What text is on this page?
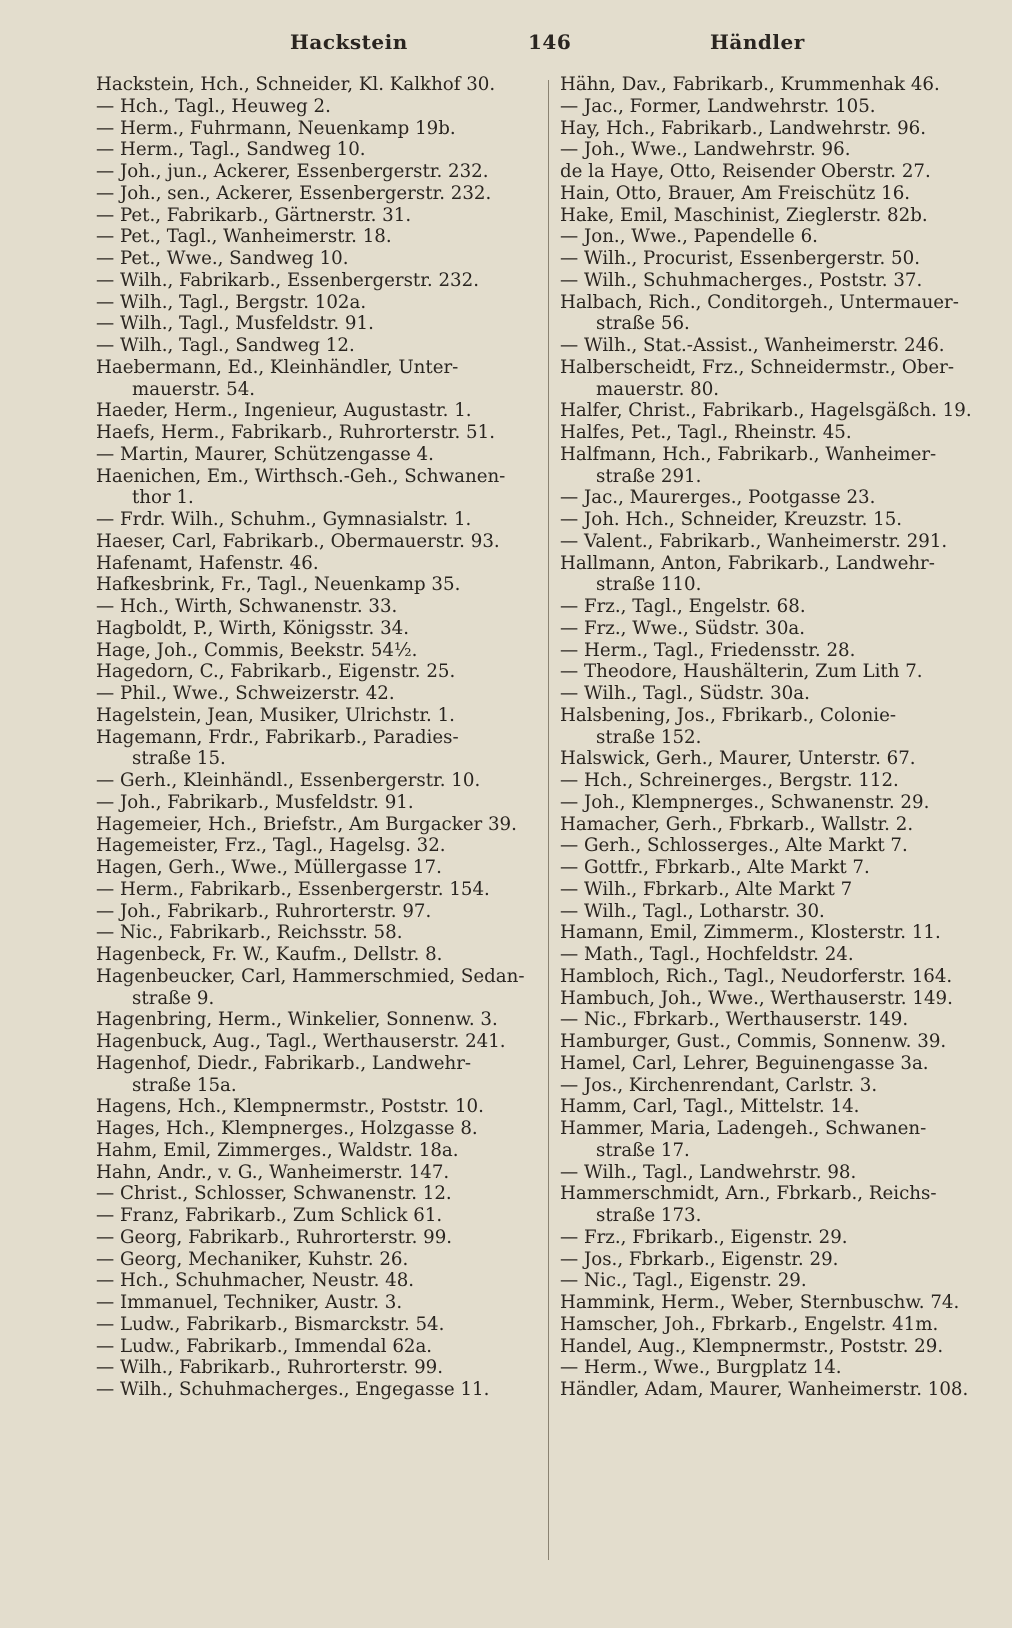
Hackstein	146	Händler
Hackstein, Hch., Schneider, Kl. Kalkhof 30.
— Hch., Tagl., Heuweg 2.
— Herm., Fuhrmann, Neuenkamp 19b.
— Herm., Tagl., Sandweg 10.
— Joh., jun., Ackerer, Essenbergerstr. 232.
— Joh., sen., Ackerer, Essenbergerstr. 232.
— Pet., Fabrikarb., Gärtnerstr. 31.
— Pet., Tagl., Wanheimerstr. 18.
— Pet., Wwe., Sandweg 10.
— Wilh., Fabrikarb., Essenbergerstr. 232.
— Wilh., Tagl., Bergstr. 102a.
— Wilh., Tagl., Musfeldstr. 91.
— Wilh., Tagl., Sandweg 12.
Haebermann, Ed., Kleinhändler, Unter-
mauerstr. 54.
Haeder, Herm., Ingenieur, Augustastr. 1.
Haefs, Herm., Fabrikarb., Ruhrorterstr. 51.
— Martin, Maurer, Schützengasse 4.
Haenichen, Em., Wirthsch.-Geh., Schwanen-
thor 1.
— Frdr. Wilh., Schuhm., Gymnasialstr. 1.
Haeser, Carl, Fabrikarb., Obermauerstr. 93.
Hafenamt, Hafenstr. 46.
Hafkesbrink, Fr., Tagl., Neuenkamp 35.
— Hch., Wirth, Schwanenstr. 33.
Hagboldt, P., Wirth, Königsstr. 34.
Hage, Joh., Commis, Beekstr. 54½.
Hagedorn, C., Fabrikarb., Eigenstr. 25.
— Phil., Wwe., Schweizerstr. 42.
Hagelstein, Jean, Musiker, Ulrichstr. 1.
Hagemann, Frdr., Fabrikarb., Paradies-
straße 15.
— Gerh., Kleinhändl., Essenbergerstr. 10.
— Joh., Fabrikarb., Musfeldstr. 91.
Hagemeier, Hch., Briefstr., Am Burgacker 39.
Hagemeister, Frz., Tagl., Hagelsg. 32.
Hagen, Gerh., Wwe., Müllergasse 17.
— Herm., Fabrikarb., Essenbergerstr. 154.
— Joh., Fabrikarb., Ruhrorterstr. 97.
— Nic., Fabrikarb., Reichsstr. 58.
Hagenbeck, Fr. W., Kaufm., Dellstr. 8.
Hagenbeucker, Carl, Hammerschmied, Sedan-
straße 9.
Hagenbring, Herm., Winkelier, Sonnenw. 3.
Hagenbuck, Aug., Tagl., Werthauserstr. 241.
Hagenhof, Diedr., Fabrikarb., Landwehr-
straße 15a.
Hagens, Hch., Klempnermstr., Poststr. 10.
Hages, Hch., Klempnerges., Holzgasse 8.
Hahm, Emil, Zimmerges., Waldstr. 18a.
Hahn, Andr., v. G., Wanheimerstr. 147.
— Christ., Schlosser, Schwanenstr. 12.
— Franz, Fabrikarb., Zum Schlick 61.
— Georg, Fabrikarb., Ruhrorterstr. 99.
— Georg, Mechaniker, Kuhstr. 26.
— Hch., Schuhmacher, Neustr. 48.
— Immanuel, Techniker, Austr. 3.
— Ludw., Fabrikarb., Bismarckstr. 54.
— Ludw., Fabrikarb., Immendal 62a.
— Wilh., Fabrikarb., Ruhrorterstr. 99.
— Wilh., Schuhmacherges., Engegasse 11.
Hähn, Dav., Fabrikarb., Krummenhak 46.
— Jac., Former, Landwehrstr. 105.
Hay, Hch., Fabrikarb., Landwehrstr. 96.
— Joh., Wwe., Landwehrstr. 96.
de la Haye, Otto, Reisender Oberstr. 27.
Hain, Otto, Brauer, Am Freischütz 16.
Hake, Emil, Maschinist, Zieglerstr. 82b.
— Jon., Wwe., Papendelle 6.
— Wilh., Procurist, Essenbergerstr. 50.
— Wilh., Schuhmacherges., Poststr. 37.
Halbach, Rich., Conditorgeh., Untermauer-
straße 56.
— Wilh., Stat.-Assist., Wanheimerstr. 246.
Halberscheidt, Frz., Schneidermstr., Ober-
mauerstr. 80.
Halfer, Christ., Fabrikarb., Hagelsgäßch. 19.
Halfes, Pet., Tagl., Rheinstr. 45.
Halfmann, Hch., Fabrikarb., Wanheimer-
straße 291.
— Jac., Maurerges., Pootgasse 23.
— Joh. Hch., Schneider, Kreuzstr. 15.
— Valent., Fabrikarb., Wanheimerstr. 291.
Hallmann, Anton, Fabrikarb., Landwehr-
straße 110.
— Frz., Tagl., Engelstr. 68.
— Frz., Wwe., Südstr. 30a.
— Herm., Tagl., Friedensstr. 28.
— Theodore, Haushälterin, Zum Lith 7.
— Wilh., Tagl., Südstr. 30a.
Halsbening, Jos., Fbrikarb., Colonie-
straße 152.
Halswick, Gerh., Maurer, Unterstr. 67.
— Hch., Schreinerges., Bergstr. 112.
— Joh., Klempnerges., Schwanenstr. 29.
Hamacher, Gerh., Fbrkarb., Wallstr. 2.
— Gerh., Schlosserges., Alte Markt 7.
— Gottfr., Fbrkarb., Alte Markt 7.
— Wilh., Fbrkarb., Alte Markt 7
— Wilh., Tagl., Lotharstr. 30.
Hamann, Emil, Zimmerm., Klosterstr. 11.
— Math., Tagl., Hochfeldstr. 24.
Hambloch, Rich., Tagl., Neudorferstr. 164.
Hambuch, Joh., Wwe., Werthauserstr. 149.
— Nic., Fbrkarb., Werthauserstr. 149.
Hamburger, Gust., Commis, Sonnenw. 39.
Hamel, Carl, Lehrer, Beguinengasse 3a.
— Jos., Kirchenrendant, Carlstr. 3.
Hamm, Carl, Tagl., Mittelstr. 14.
Hammer, Maria, Ladengeh., Schwanen-
straße 17.
— Wilh., Tagl., Landwehrstr. 98.
Hammerschmidt, Arn., Fbrkarb., Reichs-
straße 173.
— Frz., Fbrikarb., Eigenstr. 29.
— Jos., Fbrkarb., Eigenstr. 29.
— Nic., Tagl., Eigenstr. 29.
Hammink, Herm., Weber, Sternbuschw. 74.
Hamscher, Joh., Fbrkarb., Engelstr. 41m.
Handel, Aug., Klempnermstr., Poststr. 29.
— Herm., Wwe., Burgplatz 14.
Händler, Adam, Maurer, Wanheimerstr. 108.
